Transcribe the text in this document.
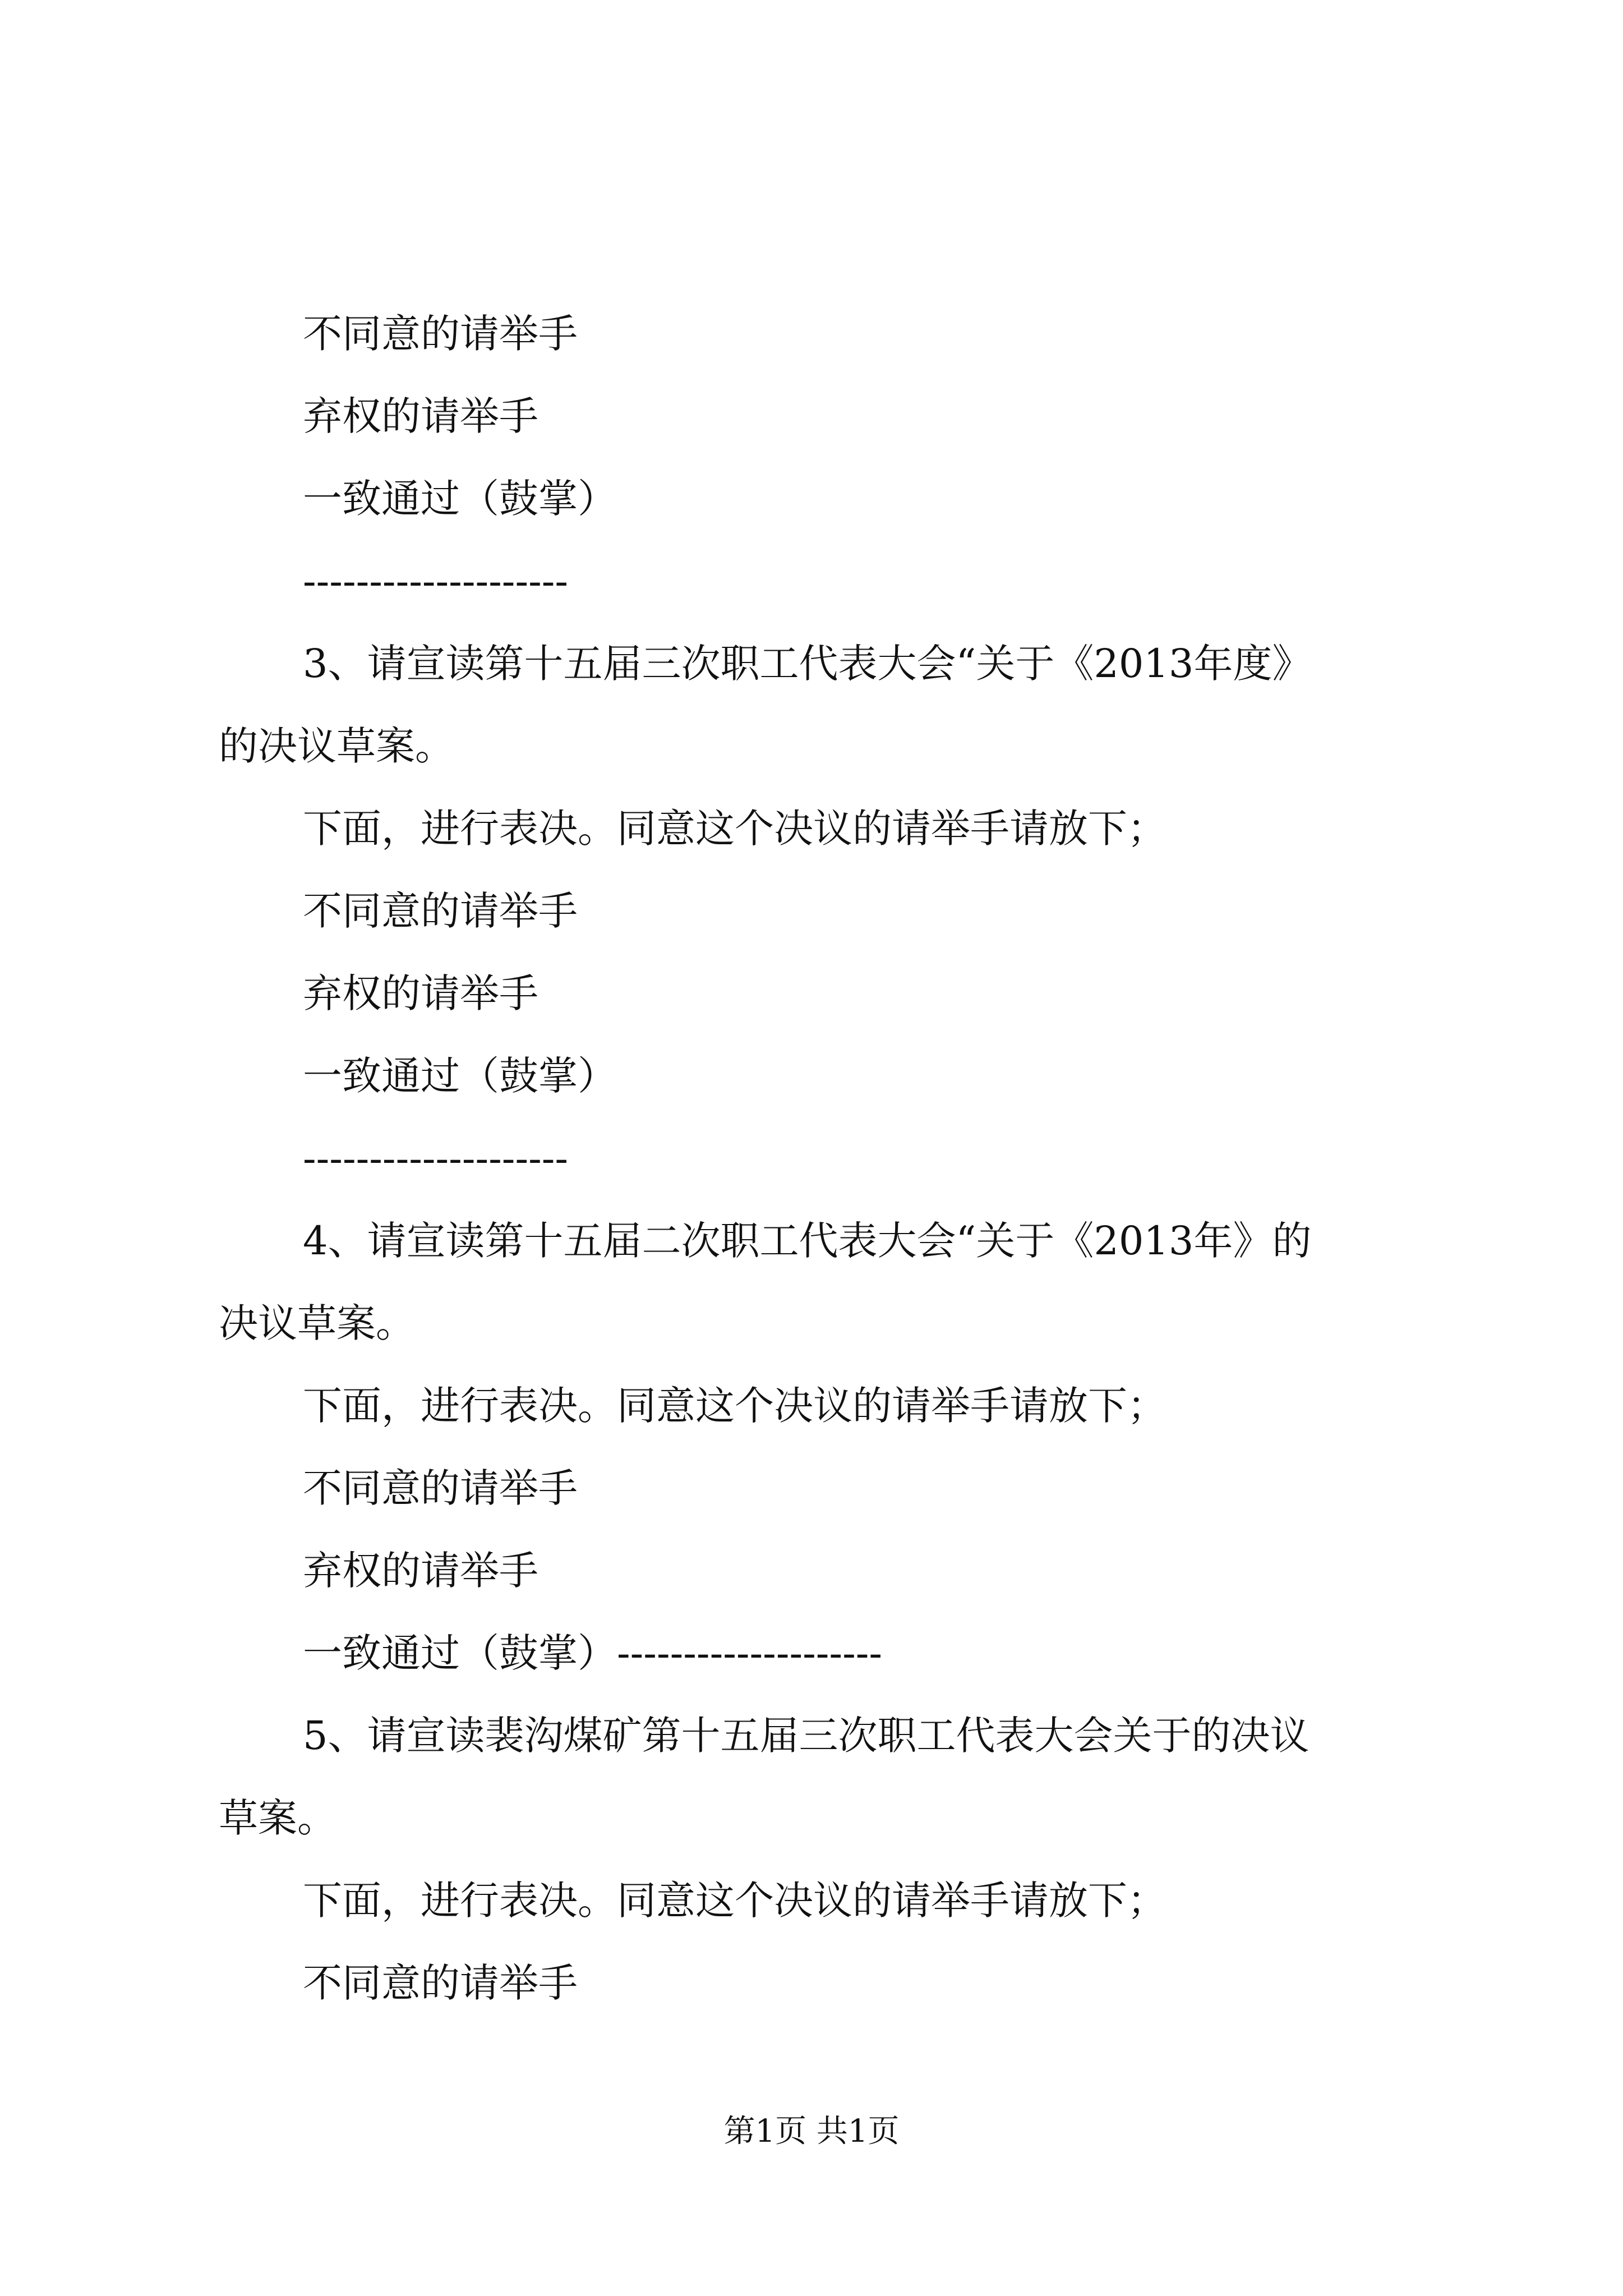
不同意的请举手
弃权的请举手
一致通过（鼓掌）
--------------------
3、请宣读第十五届三次职工代表大会“关于《2013年度》
的决议草案。
下面，进行表决。同意这个决议的请举手请放下；
不同意的请举手
弃权的请举手
一致通过（鼓掌）
--------------------
4、请宣读第十五届二次职工代表大会“关于《2013年》的
决议草案。
下面，进行表决。同意这个决议的请举手请放下；
不同意的请举手
弃权的请举手
一致通过（鼓掌）--------------------
5、请宣读裴沟煤矿第十五届三次职工代表大会关于的决议
草案。
下面，进行表决。同意这个决议的请举手请放下；
不同意的请举手
第1页 共1页
